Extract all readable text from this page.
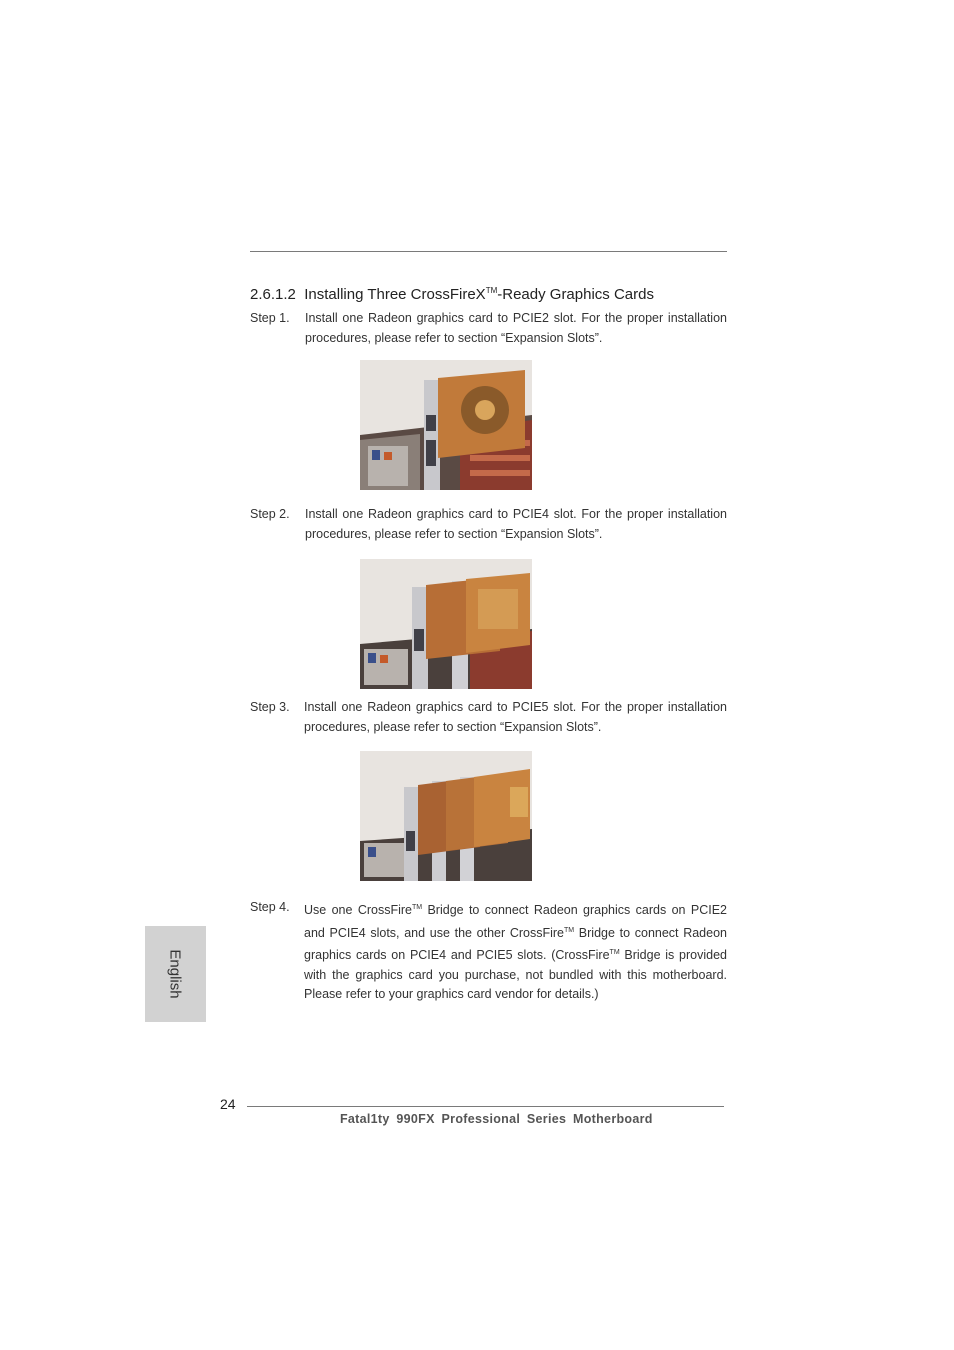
2.6.1.2 Installing Three CrossFireX™-Ready Graphics Cards
Step 1. Install one Radeon graphics card to PCIE2 slot. For the proper installation procedures, please refer to section “Expansion Slots”.
Step 2. Install one Radeon graphics card to PCIE4 slot. For the proper installation procedures, please refer to section “Expansion Slots”.
Step 3. Install one Radeon graphics card to PCIE5 slot. For the proper installation procedures, please refer to section “Expansion Slots”.
Step 4. Use one CrossFire™ Bridge to connect Radeon graphics cards on PCIE2 and PCIE4 slots, and use the other CrossFire™ Bridge to connect Radeon graphics cards on PCIE4 and PCIE5 slots. (CrossFire™ Bridge is provided with the graphics card you purchase, not bundled with this motherboard. Please refer to your graphics card vendor for details.)
English
24
Fatal1ty 990FX Professional Series Motherboard
